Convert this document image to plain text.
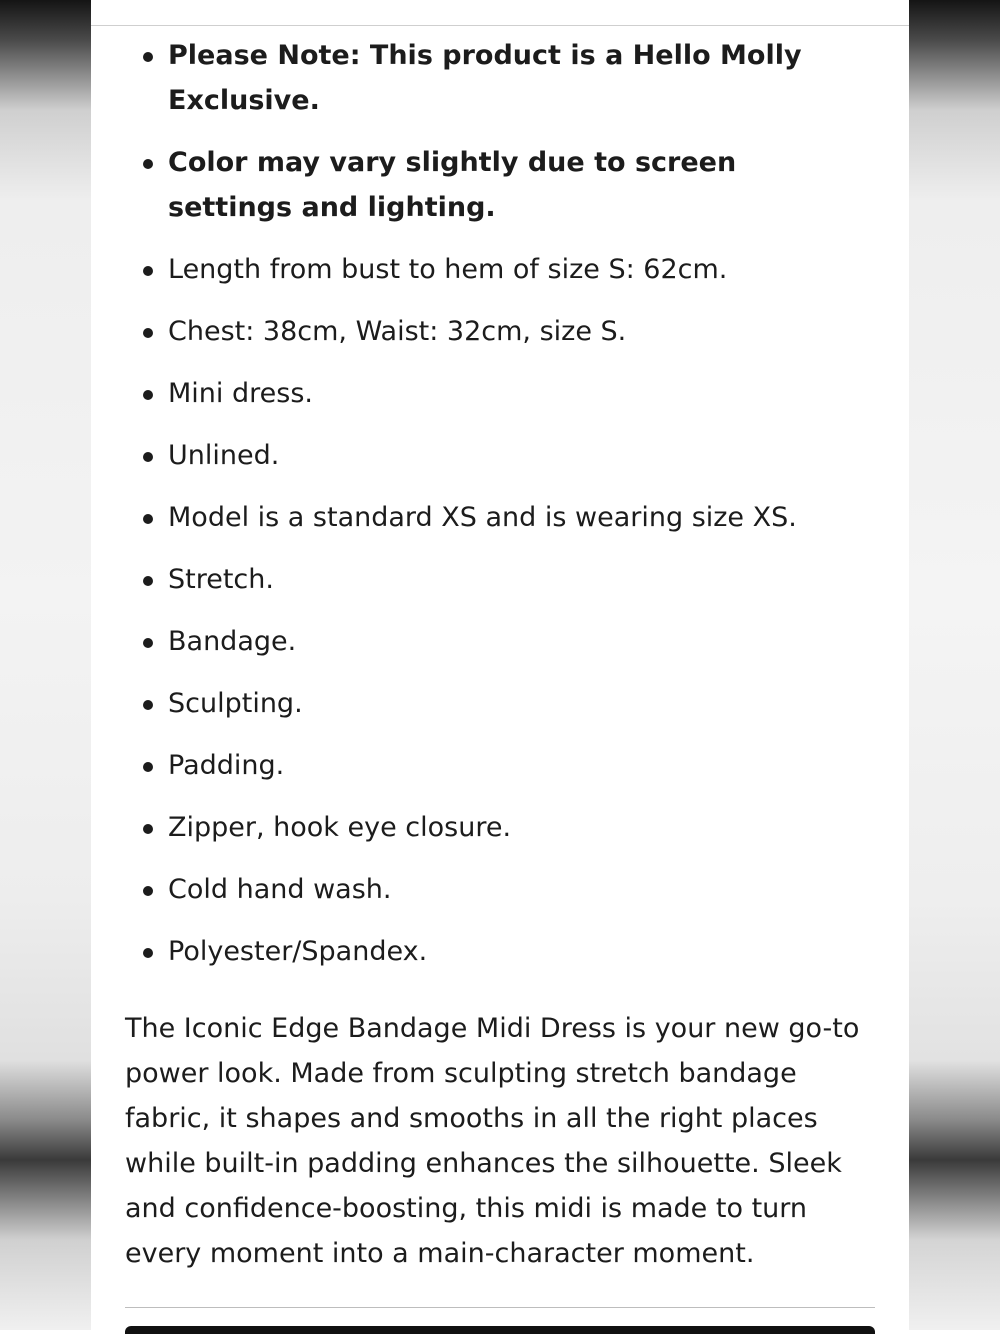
Please Note: This product is a Hello Molly Exclusive.
Color may vary slightly due to screen settings and lighting.
Length from bust to hem of size S: 62cm.
Chest: 38cm, Waist: 32cm, size S.
Mini dress.
Unlined.
Model is a standard XS and is wearing size XS.
Stretch.
Bandage.
Sculpting.
Padding.
Zipper, hook eye closure.
Cold hand wash.
Polyester/Spandex.

The Iconic Edge Bandage Midi Dress is your new go-to power look. Made from sculpting stretch bandage fabric, it shapes and smooths in all the right places while built-in padding enhances the silhouette. Sleek and confidence-boosting, this midi is made to turn every moment into a main-character moment.
